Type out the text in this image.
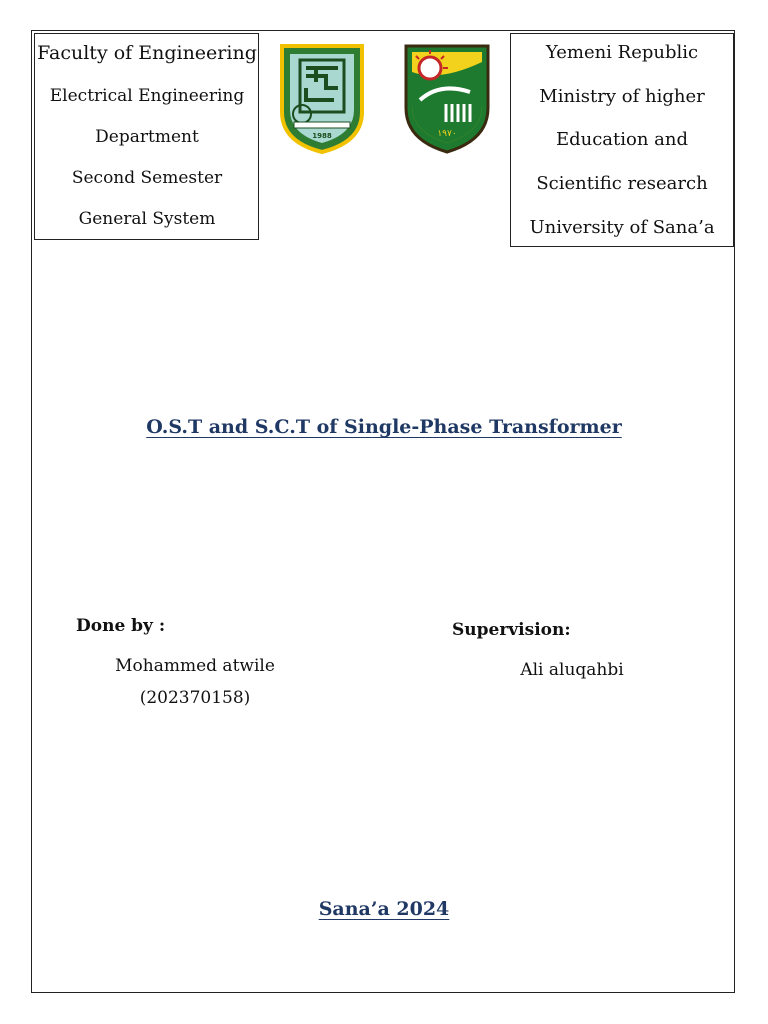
Faculty of Engineering
Electrical Engineering
Department
Second Semester
General System
Yemeni Republic
Ministry of higher
Education and
Scientific research
University of Sana’a
1988	١٩٧٠
O.S.T and S.C.T of Single-Phase Transformer
Done by :
Mohammed atwile
(202370158)
Supervision:
Ali aluqahbi
Sana’a 2024
